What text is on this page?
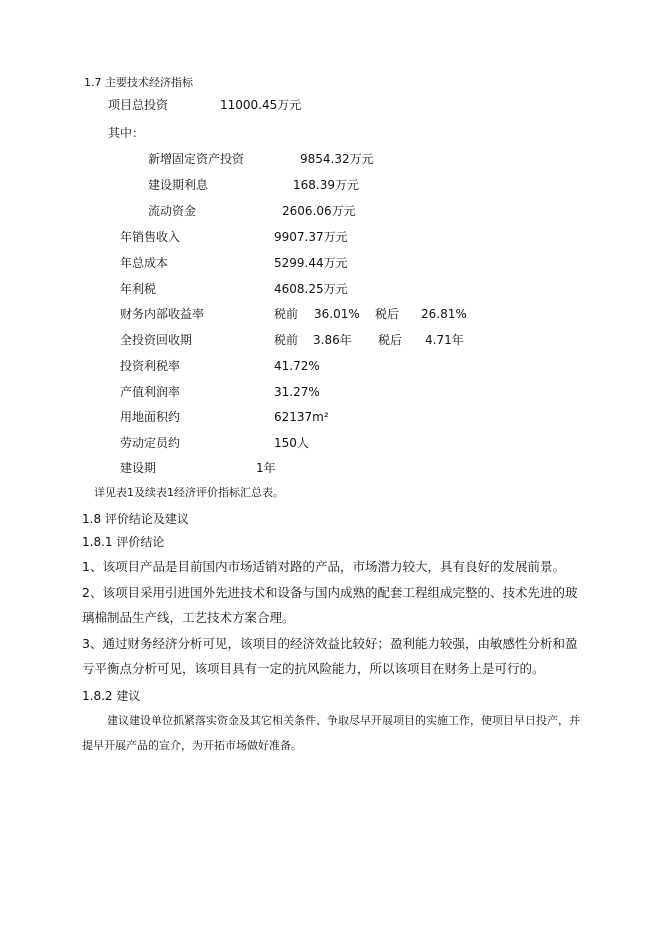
1.7 主要技术经济指标
项目总投资	11000.45万元
其中：
新增固定资产投资	9854.32万元
建设期利息	168.39万元
流动资金	2606.06万元
年销售收入	9907.37万元
年总成本	5299.44万元
年利税	4608.25万元
财务内部收益率	税前 36.01% 税后 26.81%
全投资回收期	税前 3.86年 税后 4.71年
投资利税率	41.72%
产值利润率	31.27%
用地面积约	62137m²
劳动定员约	150人
建设期	1年
详见表1及续表1经济评价指标汇总表。
1.8 评价结论及建议
1.8.1 评价结论
1、该项目产品是目前国内市场适销对路的产品，市场潜力较大，具有良好的发展前景。
2、该项目采用引进国外先进技术和设备与国内成熟的配套工程组成完整的、技术先进的玻
璃棉制品生产线，工艺技术方案合理。
3、通过财务经济分析可见，该项目的经济效益比较好；盈利能力较强，由敏感性分析和盈
亏平衡点分析可见，该项目具有一定的抗风险能力，所以该项目在财务上是可行的。
1.8.2 建议
建议建设单位抓紧落实资金及其它相关条件、争取尽早开展项目的实施工作，使项目早日投产，并
提早开展产品的宣介，为开拓市场做好准备。
